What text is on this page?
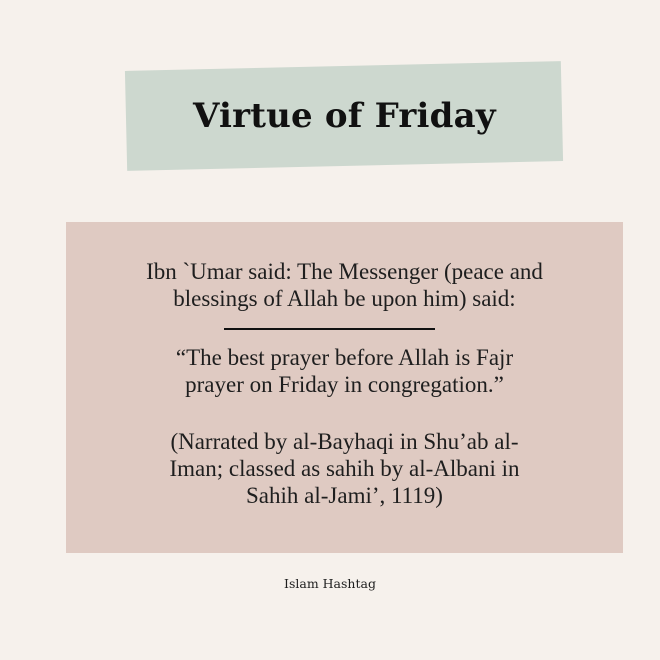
Virtue of Friday
Ibn `Umar said: The Messenger (peace and
blessings of Allah be upon him) said:
“The best prayer before Allah is Fajr
prayer on Friday in congregation.”
(Narrated by al-Bayhaqi in Shu’ab al-
Iman; classed as sahih by al-Albani in
Sahih al-Jami’, 1119)
Islam Hashtag
